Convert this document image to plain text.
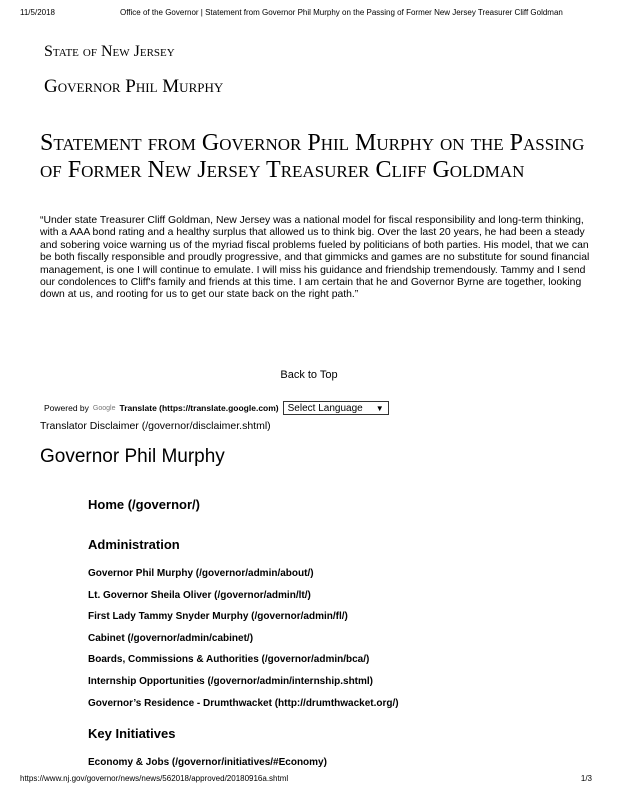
11/5/2018	Office of the Governor | Statement from Governor Phil Murphy on the Passing of Former New Jersey Treasurer Cliff Goldman
State of New Jersey
Governor Phil Murphy
Statement from Governor Phil Murphy on the Passing of Former New Jersey Treasurer Cliff Goldman

“Under state Treasurer Cliff Goldman, New Jersey was a national model for fiscal responsibility and long-term thinking, with a AAA bond rating and a healthy surplus that allowed us to think big. Over the last 20 years, he had been a steady and sobering voice warning us of the myriad fiscal problems fueled by politicians of both parties. His model, that we can be both fiscally responsible and proudly progressive, and that gimmicks and games are no substitute for sound financial management, is one I will continue to emulate. I will miss his guidance and friendship tremendously. Tammy and I send our condolences to Cliff's family and friends at this time. I am certain that he and Governor Byrne are together, looking down at us, and rooting for us to get our state back on the right path.”

Back to Top
Powered by Google Translate (https://translate.google.com) Select Language ▼
Translator Disclaimer (/governor/disclaimer.shtml)
Governor Phil Murphy
Home (/governor/)
Administration
Governor Phil Murphy (/governor/admin/about/)
Lt. Governor Sheila Oliver (/governor/admin/lt/)
First Lady Tammy Snyder Murphy (/governor/admin/fl/)
Cabinet (/governor/admin/cabinet/)
Boards, Commissions & Authorities (/governor/admin/bca/)
Internship Opportunities (/governor/admin/internship.shtml)
Governor’s Residence - Drumthwacket (http://drumthwacket.org/)
Key Initiatives
Economy & Jobs (/governor/initiatives/#Economy)
https://www.nj.gov/governor/news/news/562018/approved/20180916a.shtml	1/3
